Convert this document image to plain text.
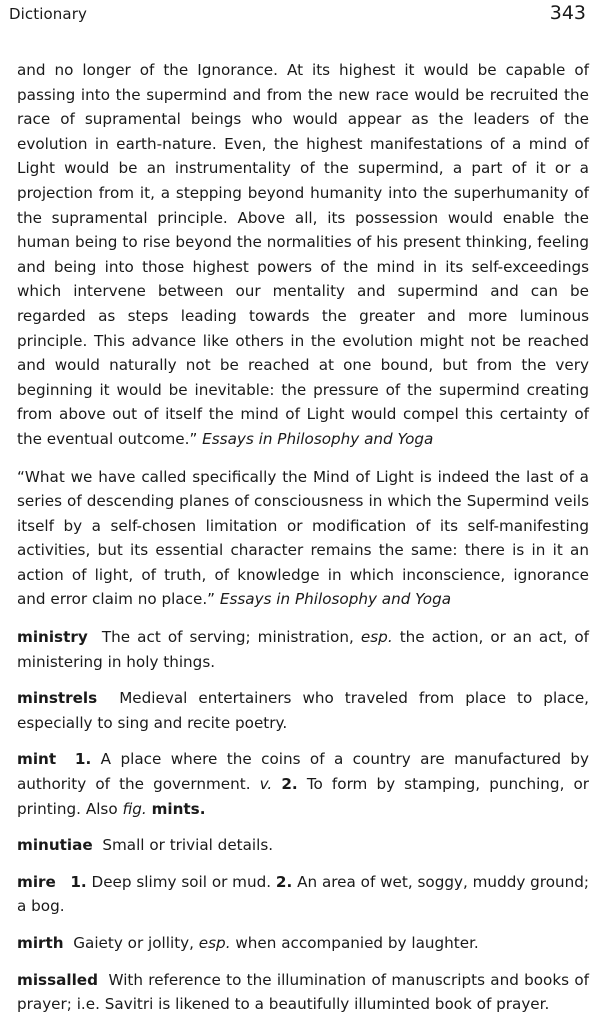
Dictionary	343

and no longer of the Ignorance. At its highest it would be capable of passing into the supermind and from the new race would be recruited the race of supramental beings who would appear as the leaders of the evolution in earth-nature. Even, the highest manifestations of a mind of Light would be an instrumentality of the supermind, a part of it or a projection from it, a stepping beyond humanity into the superhumanity of the supramental principle. Above all, its possession would enable the human being to rise beyond the normalities of his present thinking, feeling and being into those highest powers of the mind in its self-exceedings which intervene between our mentality and supermind and can be regarded as steps leading towards the greater and more luminous principle. This advance like others in the evolution might not be reached and would naturally not be reached at one bound, but from the very beginning it would be inevitable: the pressure of the supermind creating from above out of itself the mind of Light would compel this certainty of the eventual outcome.” Essays in Philosophy and Yoga

“What we have called specifically the Mind of Light is indeed the last of a series of descending planes of consciousness in which the Supermind veils itself by a self-chosen limitation or modification of its self-manifesting activities, but its essential character remains the same: there is in it an action of light, of truth, of knowledge in which inconscience, ignorance and error claim no place.” Essays in Philosophy and Yoga

ministry The act of serving; ministration, esp. the action, or an act, of ministering in holy things.

minstrels Medieval entertainers who traveled from place to place, especially to sing and recite poetry.

mint 1. A place where the coins of a country are manufactured by authority of the government. v. 2. To form by stamping, punching, or printing. Also fig. mints.

minutiae Small or trivial details.

mire 1. Deep slimy soil or mud. 2. An area of wet, soggy, muddy ground; a bog.

mirth Gaiety or jollity, esp. when accompanied by laughter.

missalled With reference to the illumination of manuscripts and books of prayer; i.e. Savitri is likened to a beautifully illuminted book of prayer.
